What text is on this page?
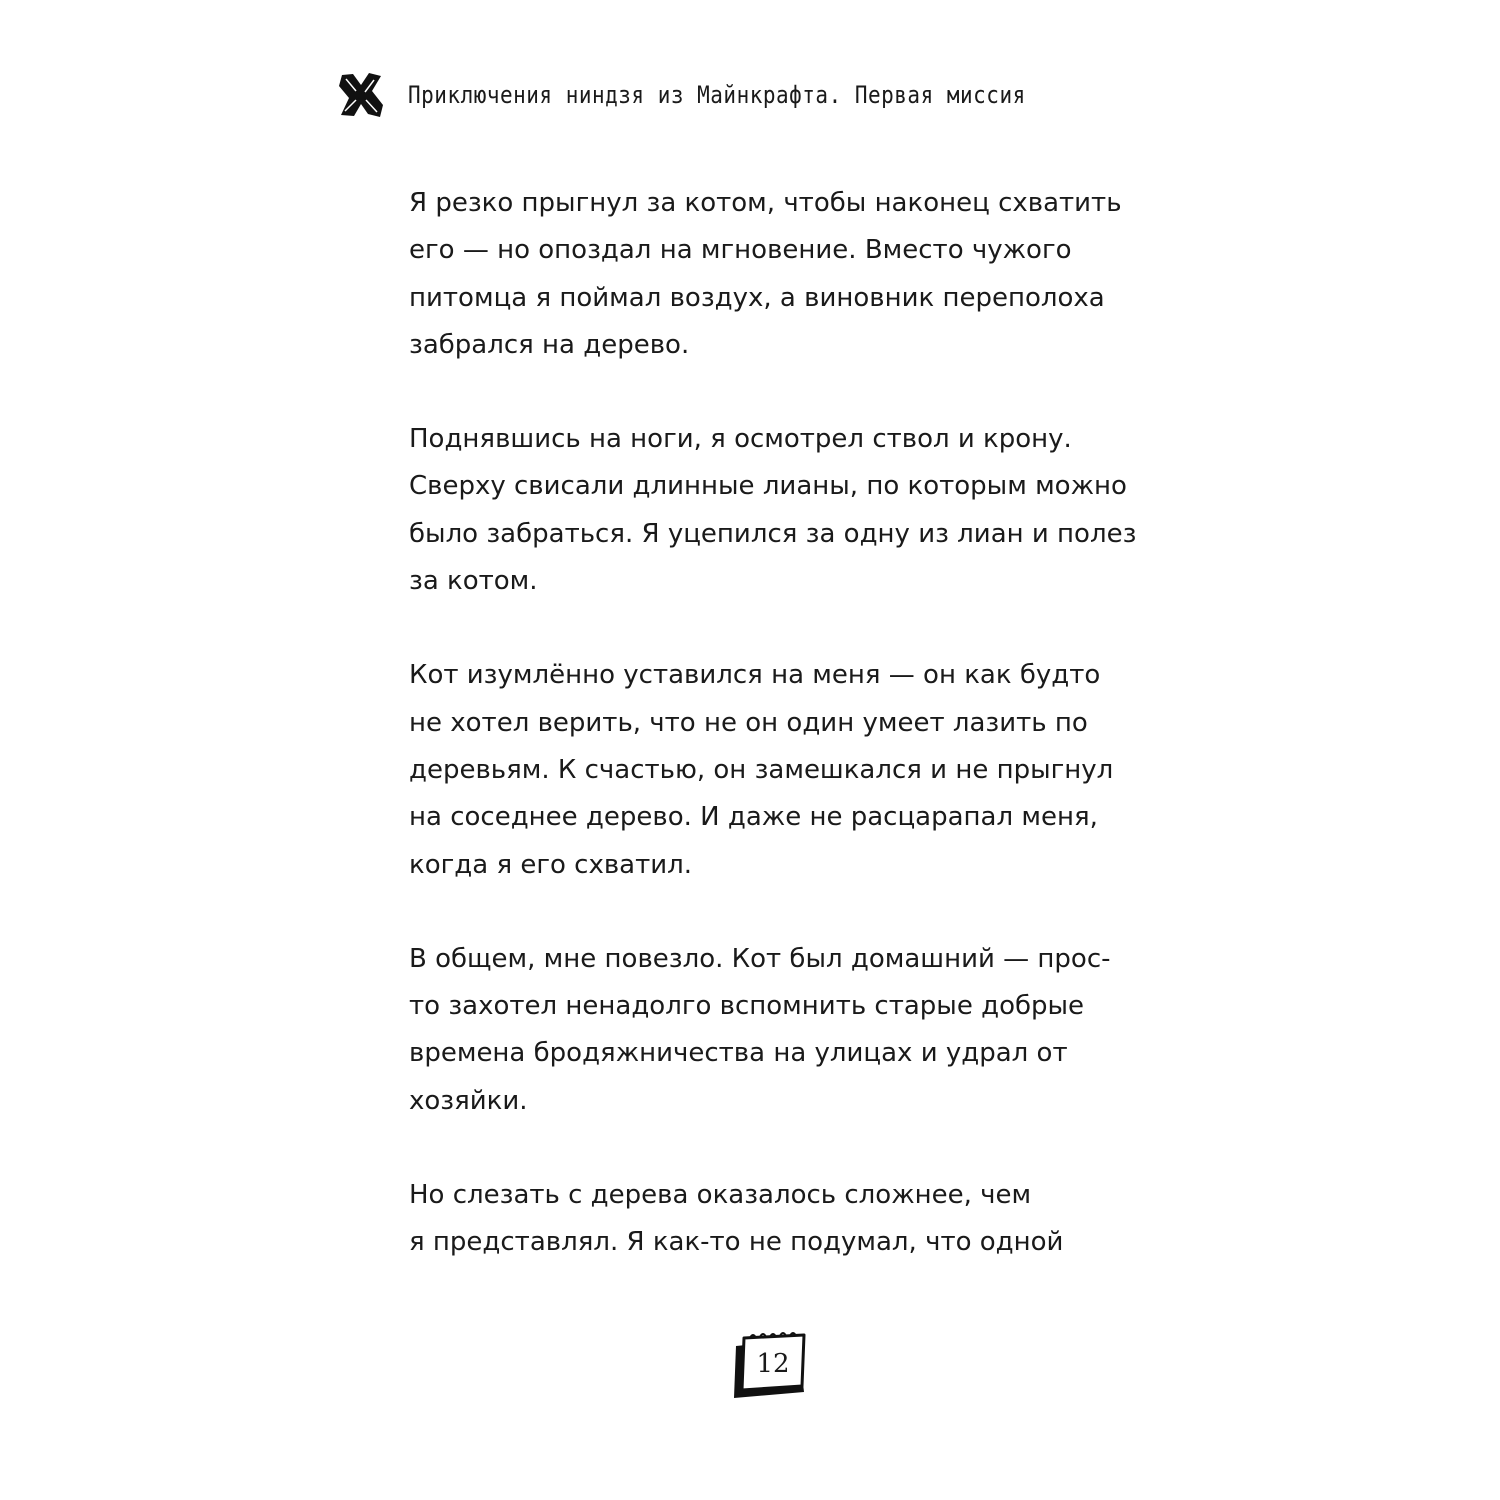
Приключения ниндзя из Майнкрафта. Первая миссия

Я резко прыгнул за котом, чтобы наконец схватить
его — но опоздал на мгновение. Вместо чужого
питомца я поймал воздух, а виновник переполоха
забрался на дерево.

Поднявшись на ноги, я осмотрел ствол и крону.
Сверху свисали длинные лианы, по которым можно
было забраться. Я уцепился за одну из лиан и полез
за котом.

Кот изумлённо уставился на меня — он как будто
не хотел верить, что не он один умеет лазить по
деревьям. К счастью, он замешкался и не прыгнул
на соседнее дерево. И даже не расцарапал меня,
когда я его схватил.

В общем, мне повезло. Кот был домашний — прос-
то захотел ненадолго вспомнить старые добрые
времена бродяжничества на улицах и удрал от
хозяйки.

Но слезать с дерева оказалось сложнее, чем
я представлял. Я как-то не подумал, что одной

12
